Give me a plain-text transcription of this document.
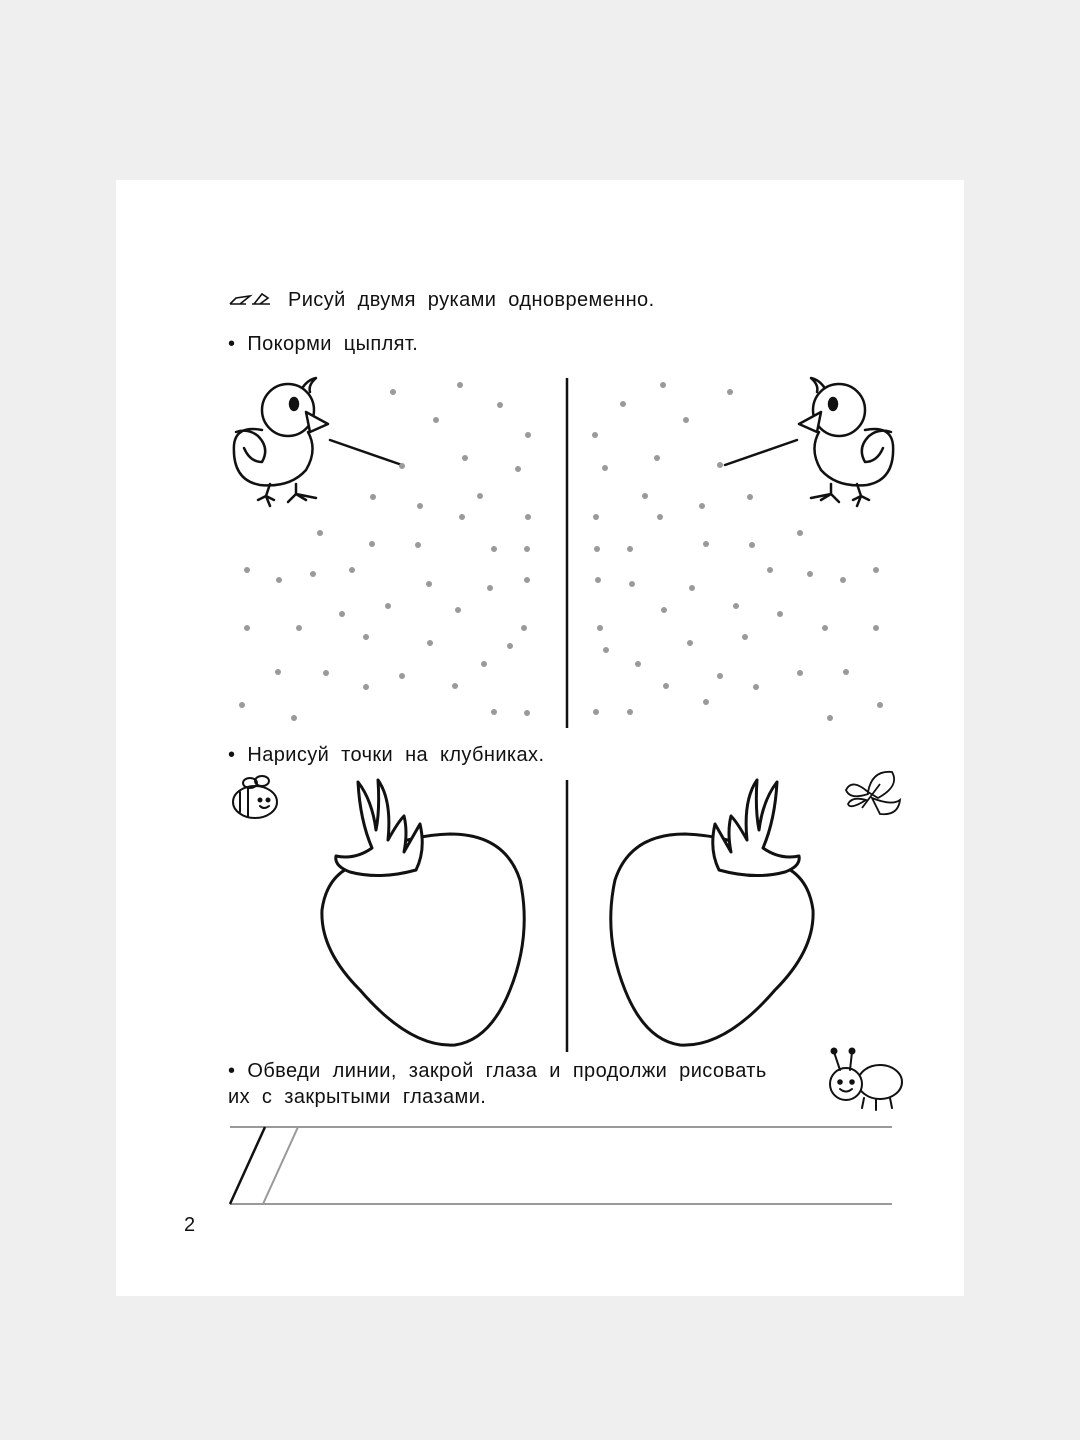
Рисуй двумя руками одновременно.
• Покорми цыплят.
• Нарисуй точки на клубниках.
• Обведи линии, закрой глаза и продолжи рисовать
их с закрытыми глазами.
2
